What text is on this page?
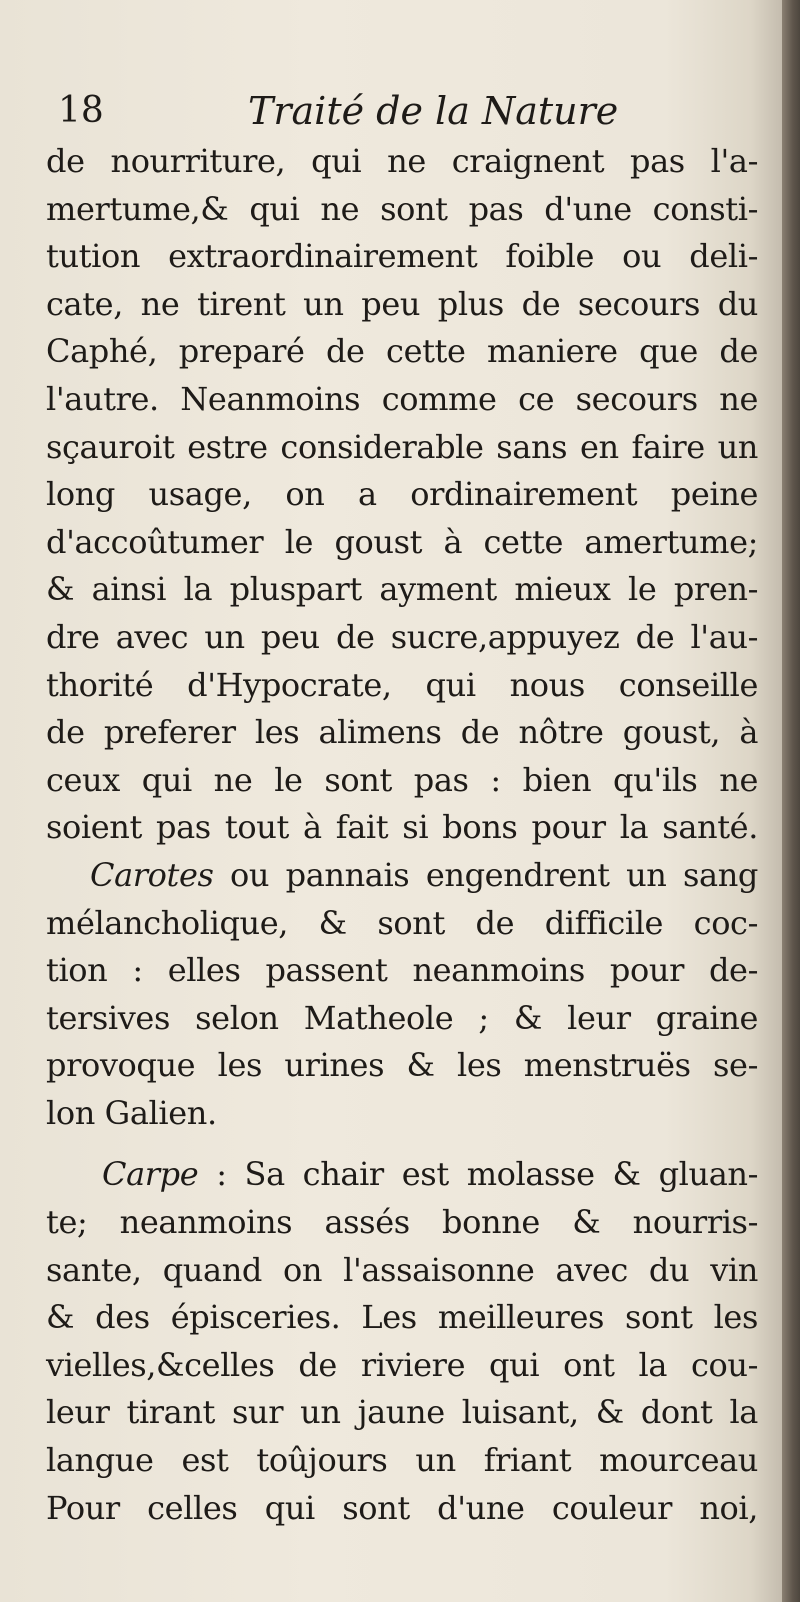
18	Traité de la Nature
de nourriture, qui ne craignent pas l'a-
mertume,& qui ne sont pas d'une consti-
tution extraordinairement foible ou deli-
cate, ne tirent un peu plus de secours du
Caphé, preparé de cette maniere que de
l'autre. Neanmoins comme ce secours ne
sçauroit estre considerable sans en faire un
long usage, on a ordinairement peine
d'accoûtumer le goust à cette amertume;
& ainsi la pluspart ayment mieux le pren-
dre avec un peu de sucre,appuyez de l'au-
thorité d'Hypocrate, qui nous conseille
de preferer les alimens de nôtre goust, à
ceux qui ne le sont pas : bien qu'ils ne
soient pas tout à fait si bons pour la santé.
Carotes ou pannais engendrent un sang
mélancholique, & sont de difficile coc-
tion : elles passent neanmoins pour de-
tersives selon Matheole ; & leur graine
provoque les urines & les menstruës se-
lon Galien.
Carpe : Sa chair est molasse & gluan-
te; neanmoins assés bonne & nourris-
sante, quand on l'assaisonne avec du vin
& des épisceries. Les meilleures sont les
vielles,&celles de riviere qui ont la cou-
leur tirant sur un jaune luisant, & dont la
langue est toûjours un friant mourceau
Pour celles qui sont d'une couleur noi,
